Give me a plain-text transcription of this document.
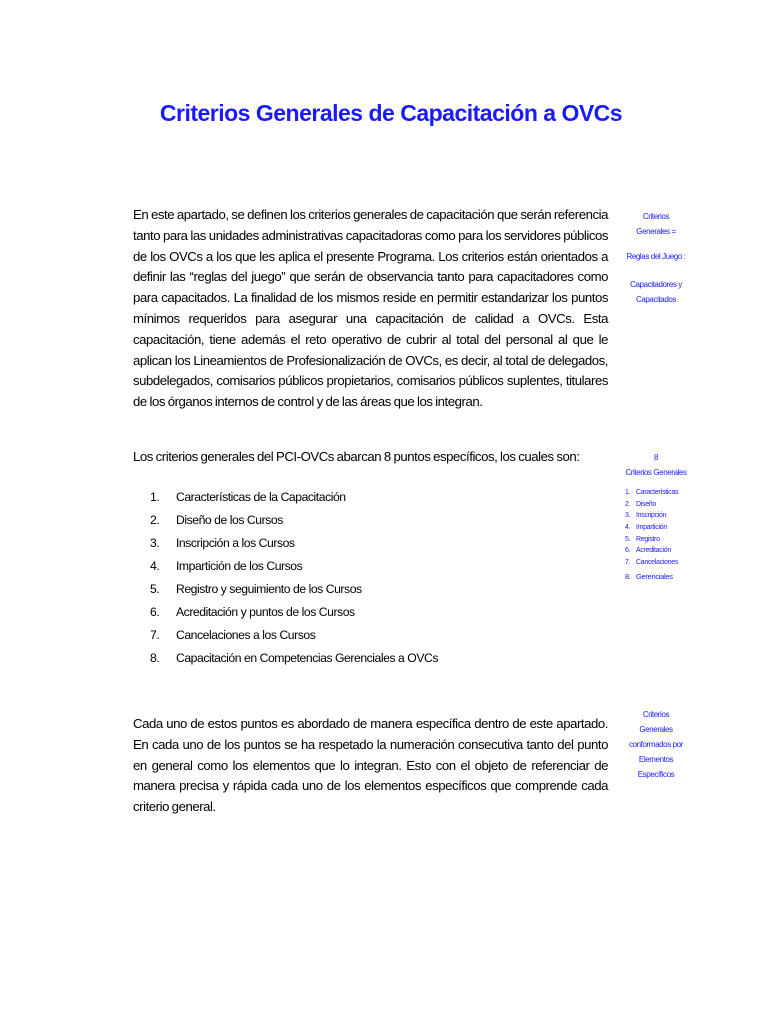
Criterios Generales de Capacitación a OVCs
En este apartado, se definen los criterios generales de capacitación que serán referencia tanto para las unidades administrativas capacitadoras como para los servidores públicos de los OVCs a los que les aplica el presente Programa. Los criterios están orientados a definir las “reglas del juego” que serán de observancia tanto para capacitadores como para capacitados. La finalidad de los mismos reside en permitir estandarizar los puntos mínimos requeridos para asegurar una capacitación de calidad a OVCs. Esta capacitación, tiene además el reto operativo de cubrir al total del personal al que le aplican los Lineamientos de Profesionalización de OVCs, es decir, al total de delegados, subdelegados, comisarios públicos propietarios, comisarios públicos suplentes, titulares de los órganos internos de control y de las áreas que los integran.
Los criterios generales del PCI-OVCs abarcan 8 puntos específicos, los cuales son:
1.	Características de la Capacitación
2.	Diseño de los Cursos
3.	Inscripción a los Cursos
4.	Impartición de los Cursos
5.	Registro y seguimiento de los Cursos
6.	Acreditación y puntos de los Cursos
7.	Cancelaciones a los Cursos
8.	Capacitación en Competencias Gerenciales a OVCs
Cada uno de estos puntos es abordado de manera específica dentro de este apartado. En cada uno de los puntos se ha respetado la numeración consecutiva tanto del punto en general como los elementos que lo integran. Esto con el objeto de referenciar de manera precisa y rápida cada uno de los elementos específicos que comprende cada criterio general.
Criterios
Generales =
Reglas del Juego :
Capacitadores y
Capacitados
8
Criterios Generales
1. Características
2. Diseño
3. Inscripción
4. Impartición
5. Registro
6. Acreditación
7. Cancelaciones
8. Gerenciales
Criterios
Generales
conformados por
Elementos
Específicos
